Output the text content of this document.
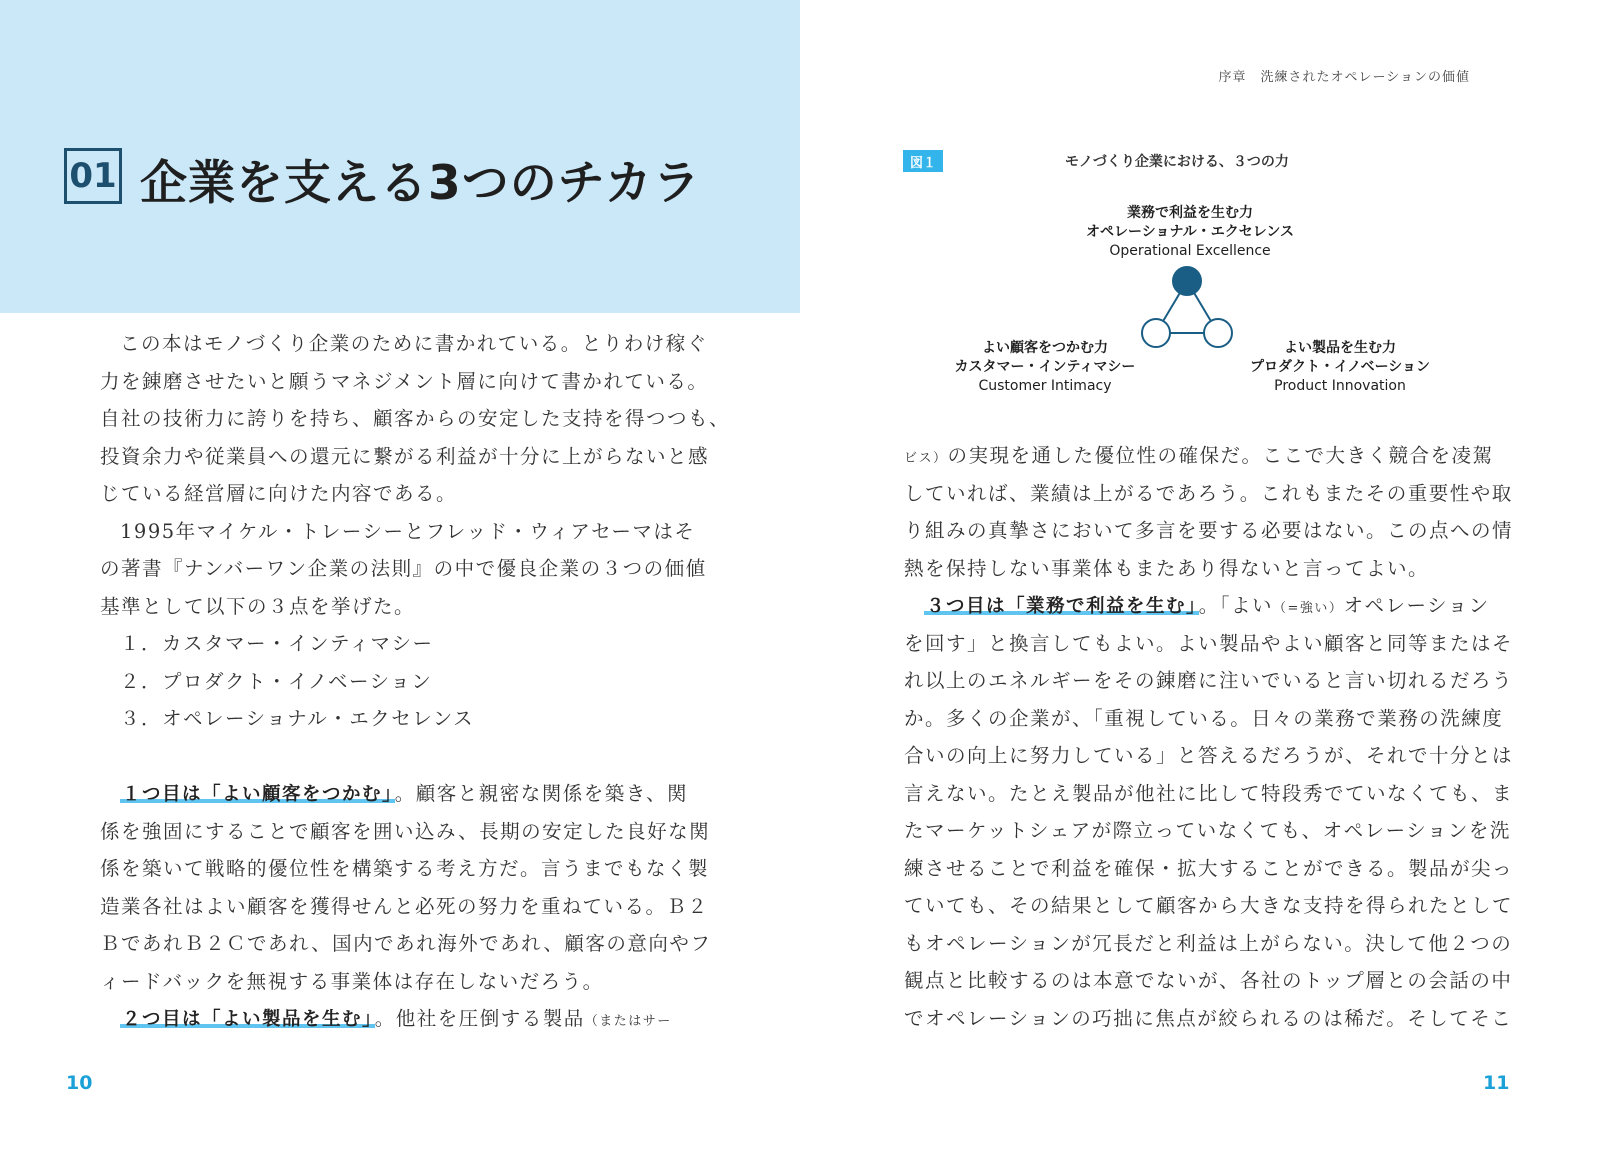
01 企業を支える3つのチカラ
この本はモノづくり企業のために書かれている。とりわけ稼ぐ
力を錬磨させたいと願うマネジメント層に向けて書かれている。
自社の技術力に誇りを持ち、顧客からの安定した支持を得つつも、
投資余力や従業員への還元に繋がる利益が十分に上がらないと感
じている経営層に向けた内容である。
1995年マイケル・トレーシーとフレッド・ウィアセーマはそ
の著書『ナンバーワン企業の法則』の中で優良企業の３つの価値
基準として以下の３点を挙げた。
１．カスタマー・インティマシー
２．プロダクト・イノベーション
３．オペレーショナル・エクセレンス
１つ目は「よい顧客をつかむ」 。顧客と親密な関係を築き、関
係を強固にすることで顧客を囲い込み、長期の安定した良好な関
係を築いて戦略的優位性を構築する考え方だ。言うまでもなく製
造業各社はよい顧客を獲得せんと必死の努力を重ねている。Ｂ２
ＢであれＢ２Ｃであれ、国内であれ海外であれ、顧客の意向やフ
ィードバックを無視する事業体は存在しないだろう。
２つ目は「よい製品を生む」 。他社を圧倒する製品（またはサー
10
序章　洗練されたオペレーションの価値
図１	モノづくり企業における、３つの力
業務で利益を生む力
オペレーショナル・エクセレンス
Operational Excellence
よい顧客をつかむ力
カスタマー・インティマシー
Customer Intimacy
よい製品を生む力
プロダクト・イノベーション
Product Innovation
ビス）の実現を通した優位性の確保だ。ここで大きく競合を凌駕
していれば、業績は上がるであろう。これもまたその重要性や取
り組みの真摯さにおいて多言を要する必要はない。この点への情
熱を保持しない事業体もまたあり得ないと言ってよい。
３つ目は「業務で利益を生む」 。「よい（=強い）オペレーション
を回す」と換言してもよい。よい製品やよい顧客と同等またはそ
れ以上のエネルギーをその錬磨に注いでいると言い切れるだろう
か。多くの企業が、「重視している。日々の業務で業務の洗練度
合いの向上に努力している」と答えるだろうが、それで十分とは
言えない。たとえ製品が他社に比して特段秀でていなくても、ま
たマーケットシェアが際立っていなくても、オペレーションを洗
練させることで利益を確保・拡大することができる。製品が尖っ
ていても、その結果として顧客から大きな支持を得られたとして
もオペレーションが冗長だと利益は上がらない。決して他２つの
観点と比較するのは本意でないが、各社のトップ層との会話の中
でオペレーションの巧拙に焦点が絞られるのは稀だ。そしてそこ
11
